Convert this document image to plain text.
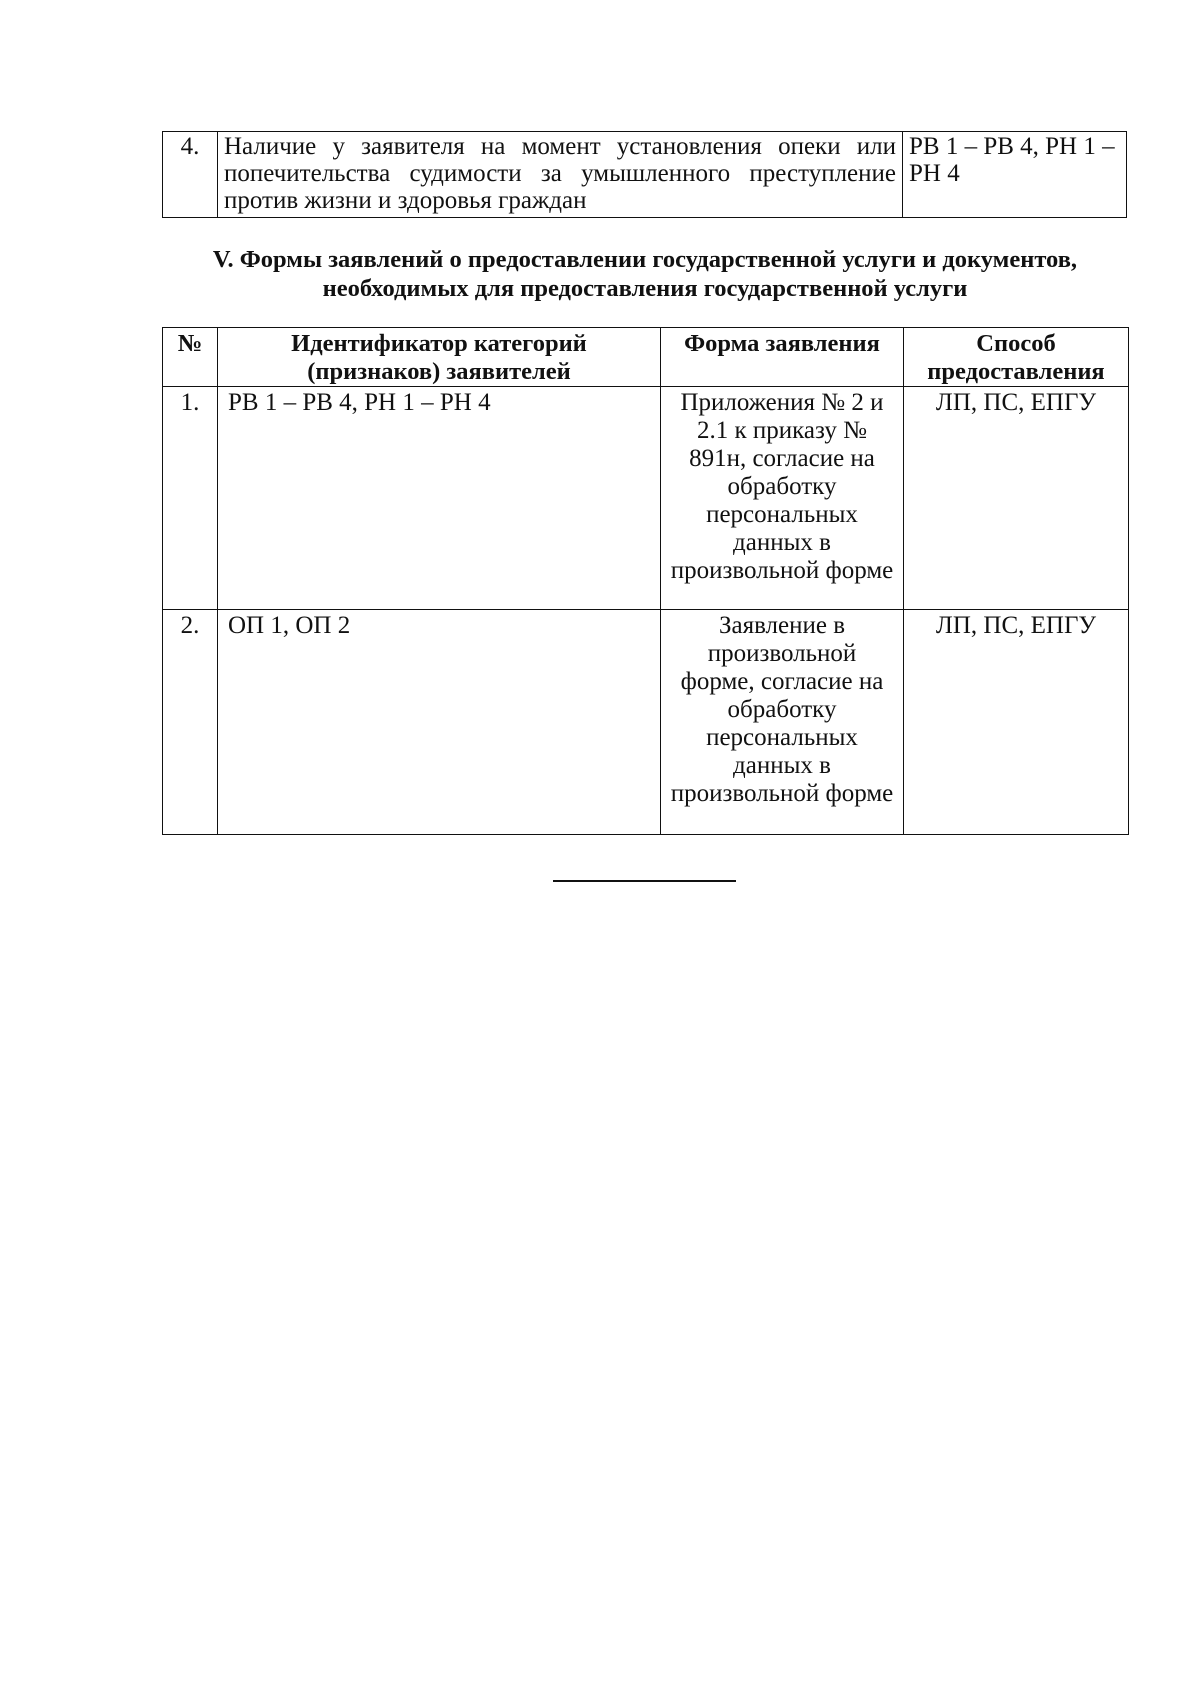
4.	Наличие у заявителя на момент установления опеки или попечительства судимости за умышленного преступление против жизни и здоровья граждан	РВ 1 – РВ 4, РН 1 – РН 4
V. Формы заявлений о предоставлении государственной услуги и документов, необходимых для предоставления государственной услуги
№	Идентификатор категорий (признаков) заявителей	Форма заявления	Способ предоставления
1.	РВ 1 – РВ 4, РН 1 – РН 4	Приложения № 2 и 2.1 к приказу № 891н, согласие на обработку персональных данных в произвольной форме	ЛП, ПС, ЕПГУ
2.	ОП 1, ОП 2	Заявление в произвольной форме, согласие на обработку персональных данных в произвольной форме	ЛП, ПС, ЕПГУ
